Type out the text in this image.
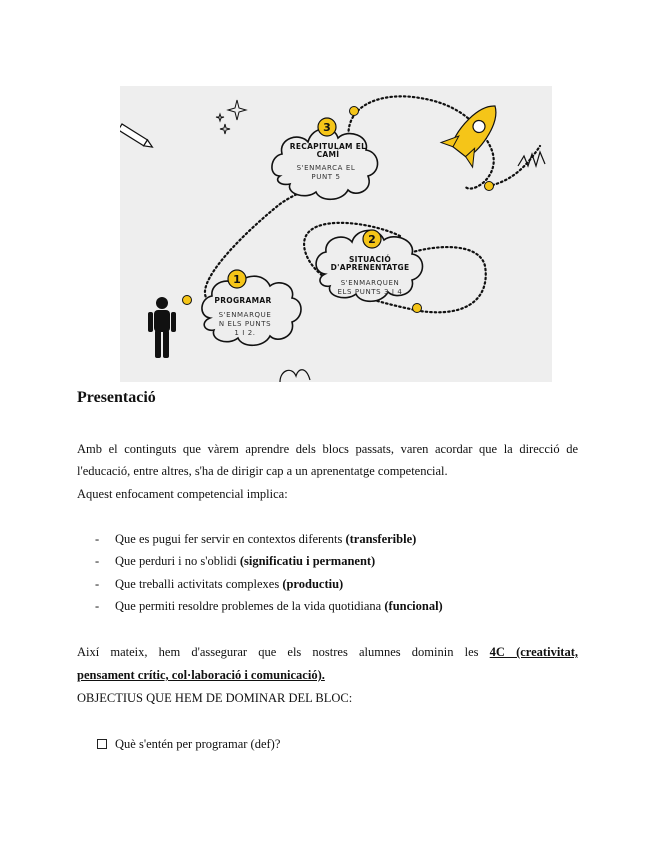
3
RECAPITULAM EL
CAMÍ
S'ENMARCA EL
PUNT 5
2
SITUACIÓ
D'APRENENTATGE
S'ENMARQUEN
ELS PUNTS 3 I 4
1
PROGRAMAR
S'ENMARQUE
N ELS PUNTS
1 I 2.
Presentació

Amb el continguts que vàrem aprendre dels blocs passats, varen acordar que la direcció de

l'educació, entre altres, s'ha de dirigir cap a un aprenentatge competencial.

Aquest enfocament competencial implica:

- Que es pugui fer servir en contextos diferents (transferible)
- Que perduri i no s'oblidi (significatiu i permanent)
- Que treballi activitats complexes (productiu)
- Que permiti resoldre problemes de la vida quotidiana (funcional)

Així mateix, hem d'assegurar que els nostres alumnes dominin les 4C (creativitat,

pensament crític, col·laboració i comunicació).

OBJECTIUS QUE HEM DE DOMINAR DEL BLOC:

Què s'entén per programar (def)?
